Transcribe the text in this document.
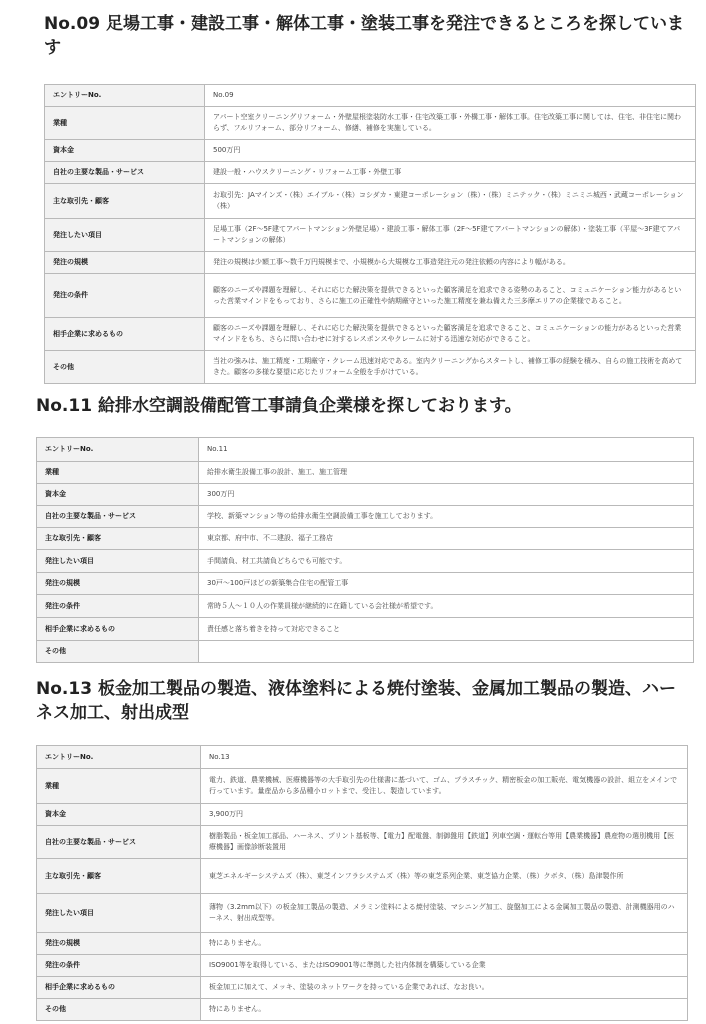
No.09 足場工事・建設工事・解体工事・塗装工事を発注できるところを探しています
エントリーNo.	No.09
業種	アパート空室クリーニングリフォーム・外壁屋根塗装防水工事・住宅改築工事・外構工事・解体工事。住宅改築工事に関しては、住宅、非住宅に関わらず、フルリフォーム、部分リフォーム、修繕、補修を実施している。
資本金	500万円
自社の主要な製品・サービス	建設一般・ハウスクリーニング・リフォーム工事・外壁工事
主な取引先・顧客	お取引先：JAマインズ・（株）エイブル・（株）コシダカ・東建コーポレーション（株）・（株）ミニテック・（株）ミニミニ城西・武蔵コーポレーション（株）
発注したい項目	足場工事（2F～5F建てアパートマンション外壁足場）・建設工事・解体工事（2F～5F建てアパートマンションの解体）・塗装工事（平屋～3F建てアパートマンションの解体）
発注の規模	発注の規模は少額工事～数千万円規模まで、小規模から大規模な工事造発注元の発注依頼の内容により幅がある。
発注の条件	顧客のニーズや課題を理解し、それに応じた解決策を提供できるといった顧客満足を追求できる姿勢のあること、コミュニケーション能力があるといった営業マインドをもっており、さらに施工の正確性や納期厳守といった施工精度を兼ね備えた三多摩エリアの企業様であること。
相手企業に求めるもの	顧客のニーズや課題を理解し、それに応じた解決策を提供できるといった顧客満足を追求できること、コミュニケーションの能力があるといった営業マインドをもち、さらに問い合わせに対するレスポンスやクレームに対する迅速な対応ができること。
その他	当社の強みは、施工精度・工期厳守・クレーム迅速対応である。室内クリーニングからスタートし、補修工事の経験を積み、自らの施工技術を高めてきた。顧客の多様な要望に応じたリフォーム全般を手がけている。
No.11 給排水空調設備配管工事請負企業様を探しております。
エントリーNo.	No.11
業種	給排水衛生設備工事の設計、施工、施工管理
資本金	300万円
自社の主要な製品・サービス	学校、新築マンション等の給排水衛生空調設備工事を施工しております。
主な取引先・顧客	東京都、府中市、不二建設、福子工務店
発注したい項目	手間請負、材工共請負どちらでも可能です。
発注の規模	30戸～100戸ほどの新築集合住宅の配管工事
発注の条件	常時５人～１０人の作業員様が継続的に在籍している会社様が希望です。
相手企業に求めるもの	責任感と落ち着きを持って対応できること
その他	
No.13 板金加工製品の製造、液体塗料による焼付塗装、金属加工製品の製造、ハーネス加工、射出成型
エントリーNo.	No.13
業種	電力、鉄道、農業機械、医療機器等の大手取引先の仕様書に基づいて、ゴム、プラスチック、精密板金の加工販売、電気機器の設計、組立をメインで行っています。量産品から多品種小ロットまで、受注し、製造しています。
資本金	3,900万円
自社の主要な製品・サービス	樹脂製品・板金加工部品、ハーネス、プリント基板等、【電力】配電盤、制御盤用【鉄道】列車空調・運転台等用【農業機器】農産物の選別機用【医療機器】画像診断装置用
主な取引先・顧客	東芝エネルギーシステムズ（株）、東芝インフラシステムズ（株）等の東芝系列企業、東芝協力企業、（株）クボタ、（株）島津製作所
発注したい項目	薄物（3.2mm以下）の板金加工製品の製造、メラミン塗料による焼付塗装、マシニング加工、旋盤加工による金属加工製品の製造、計測機器用のハーネス、射出成型等。
発注の規模	特にありません。
発注の条件	ISO9001等を取得している、またはISO9001等に準拠した社内体制を構築している企業
相手企業に求めるもの	板金加工に加えて、メッキ、塗装のネットワークを持っている企業であれば、なお良い。
その他	特にありません。
